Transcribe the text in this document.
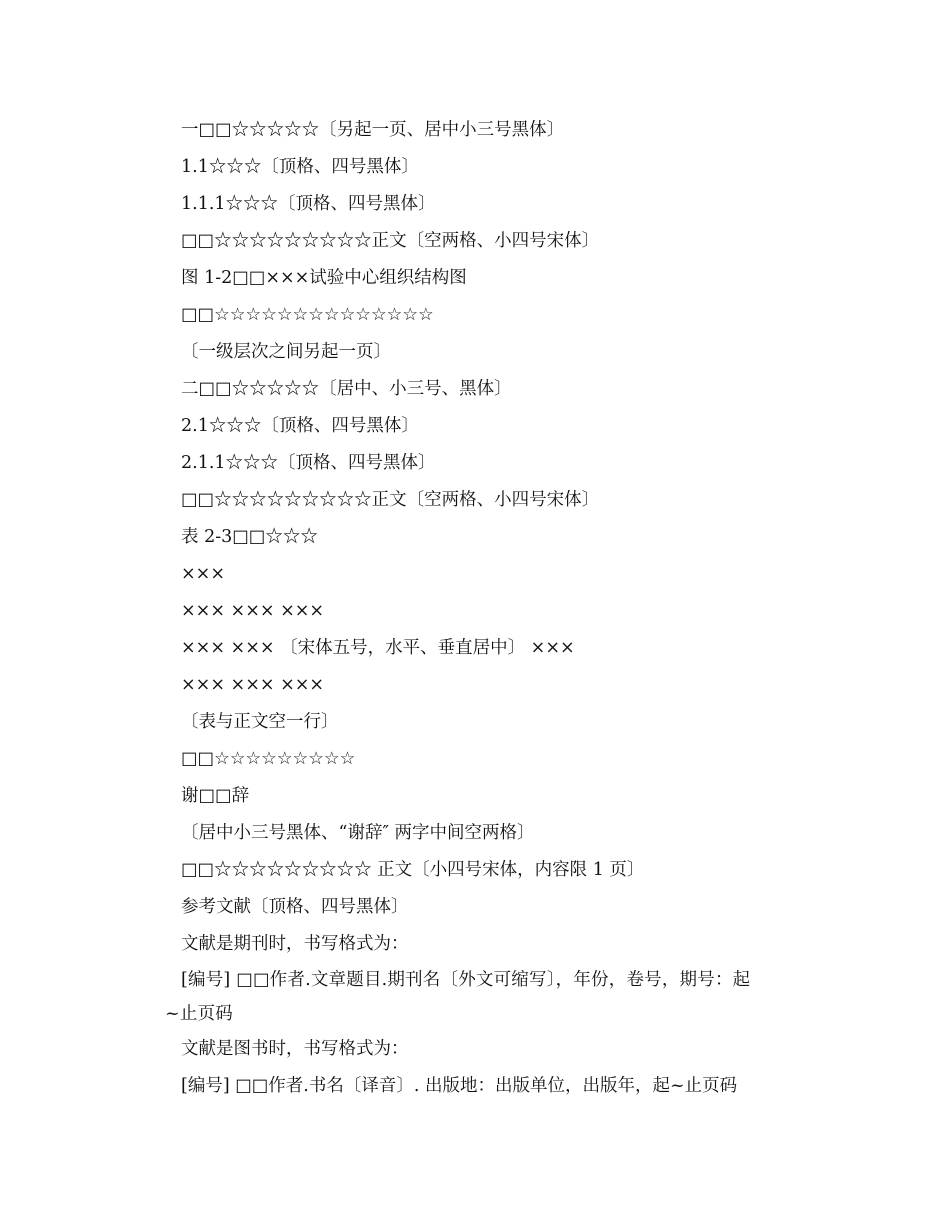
一□□☆☆☆☆☆〔另起一页、居中小三号黑体〕
1.1☆☆☆〔顶格、四号黑体〕
1.1.1☆☆☆〔顶格、四号黑体〕
□□☆☆☆☆☆☆☆☆☆正文〔空两格、小四号宋体〕
图 1-2□□×××试验中心组织结构图
□□☆☆☆☆☆☆☆☆☆☆☆☆☆☆
〔一级层次之间另起一页〕
二□□☆☆☆☆☆〔居中、小三号、黑体〕
2.1☆☆☆〔顶格、四号黑体〕
2.1.1☆☆☆〔顶格、四号黑体〕
□□☆☆☆☆☆☆☆☆☆正文〔空两格、小四号宋体〕
表 2-3□□☆☆☆
×××
××× ××× ×××
××× ××× 〔宋体五号，水平、垂直居中〕 ×××
××× ××× ×××
〔表与正文空一行〕
□□☆☆☆☆☆☆☆☆☆
谢□□辞
〔居中小三号黑体、“谢辞″ 两字中间空两格〕
□□☆☆☆☆☆☆☆☆☆ 正文〔小四号宋体，内容限 1 页〕
参考文献〔顶格、四号黑体〕
文献是期刊时，书写格式为：
[编号] □□作者.文章题目.期刊名〔外文可缩写〕，年份，卷号，期号：起
~止页码
文献是图书时，书写格式为：
[编号] □□作者.书名〔译音〕. 出版地：出版单位，出版年，起~止页码
